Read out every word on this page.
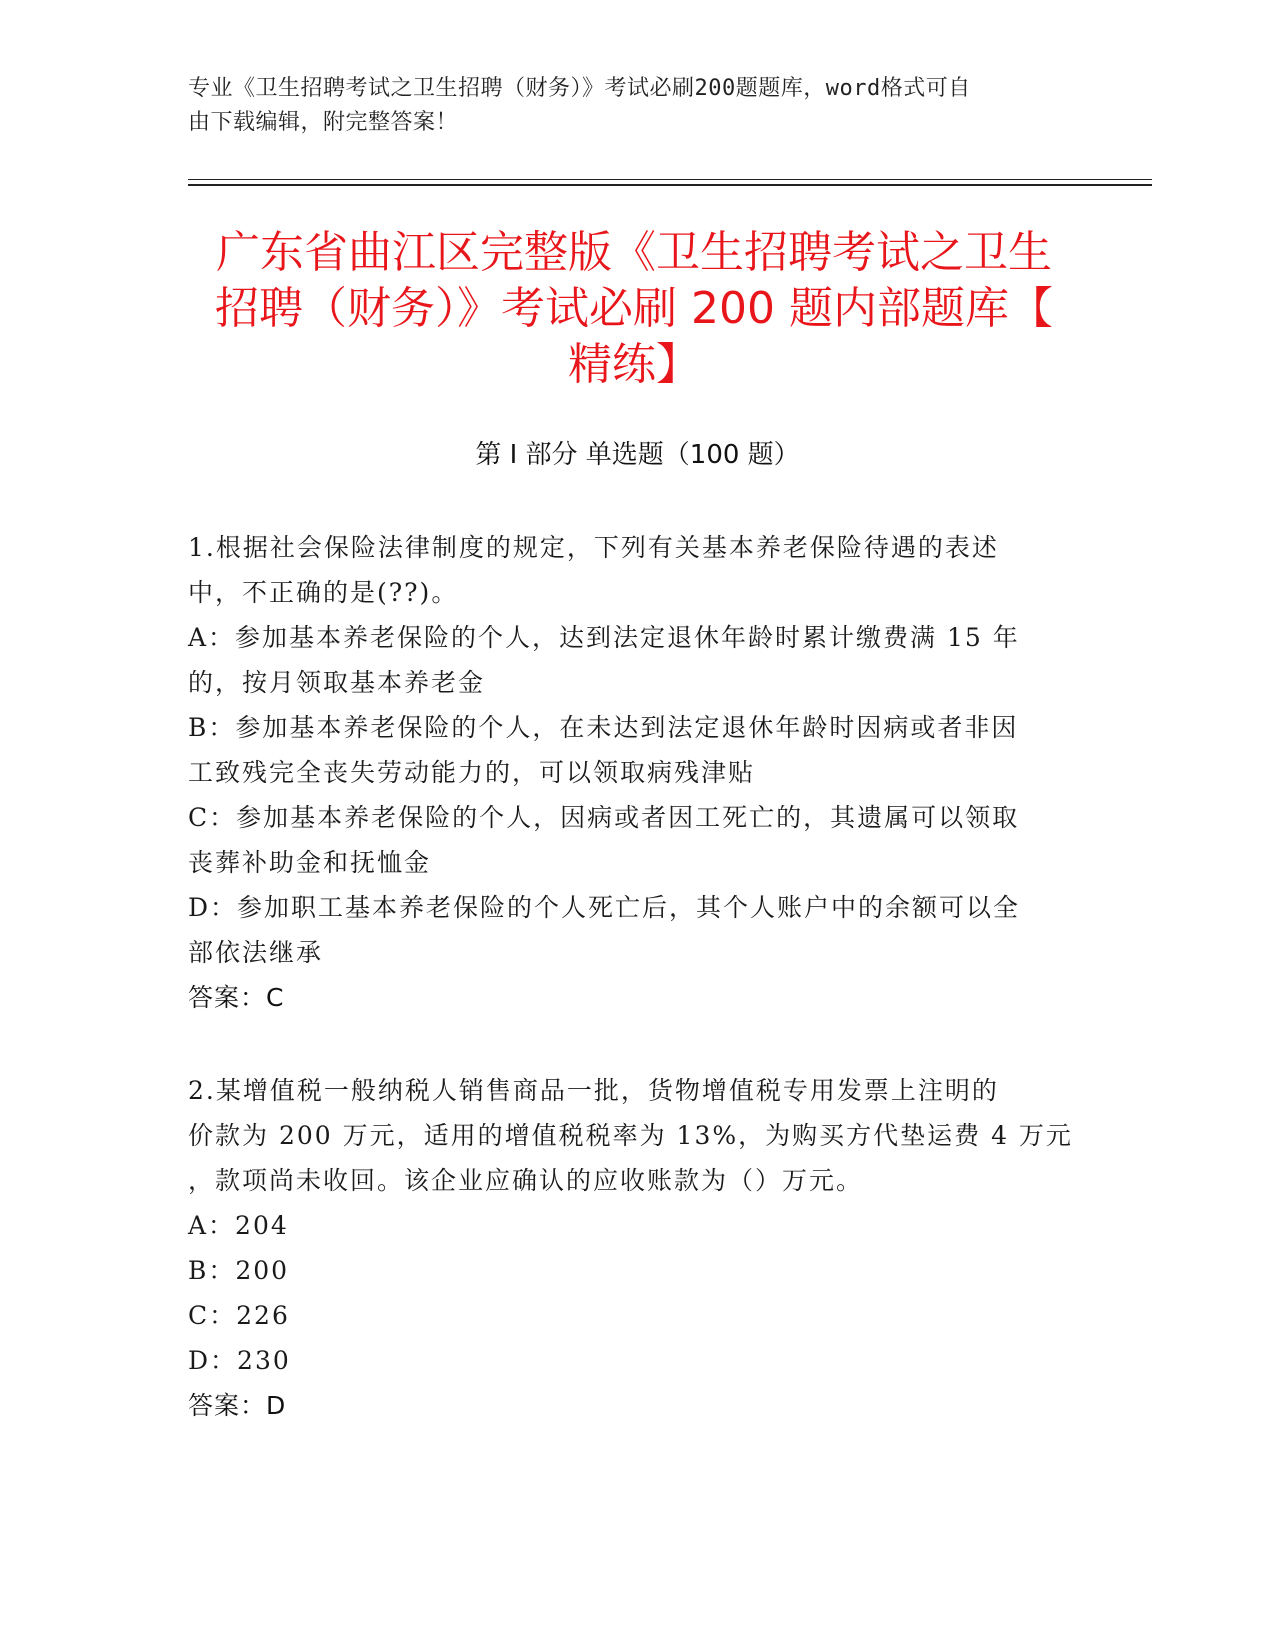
专业《卫生招聘考试之卫生招聘（财务）》考试必刷200题题库，word格式可自
由下载编辑，附完整答案！
广东省曲江区完整版《卫生招聘考试之卫生
招聘（财务）》考试必刷 200 题内部题库【
精练】
第 I 部分 单选题（100 题）
1.根据社会保险法律制度的规定，下列有关基本养老保险待遇的表述
中，不正确的是(??)。
A：参加基本养老保险的个人，达到法定退休年龄时累计缴费满 15 年
的，按月领取基本养老金
B：参加基本养老保险的个人，在未达到法定退休年龄时因病或者非因
工致残完全丧失劳动能力的，可以领取病残津贴
C：参加基本养老保险的个人，因病或者因工死亡的，其遗属可以领取
丧葬补助金和抚恤金
D：参加职工基本养老保险的个人死亡后，其个人账户中的余额可以全
部依法继承
答案：C
2.某增值税一般纳税人销售商品一批，货物增值税专用发票上注明的
价款为 200 万元，适用的增值税税率为 13%，为购买方代垫运费 4 万元
，款项尚未收回。该企业应确认的应收账款为（）万元。
A：204
B：200
C：226
D：230
答案：D
